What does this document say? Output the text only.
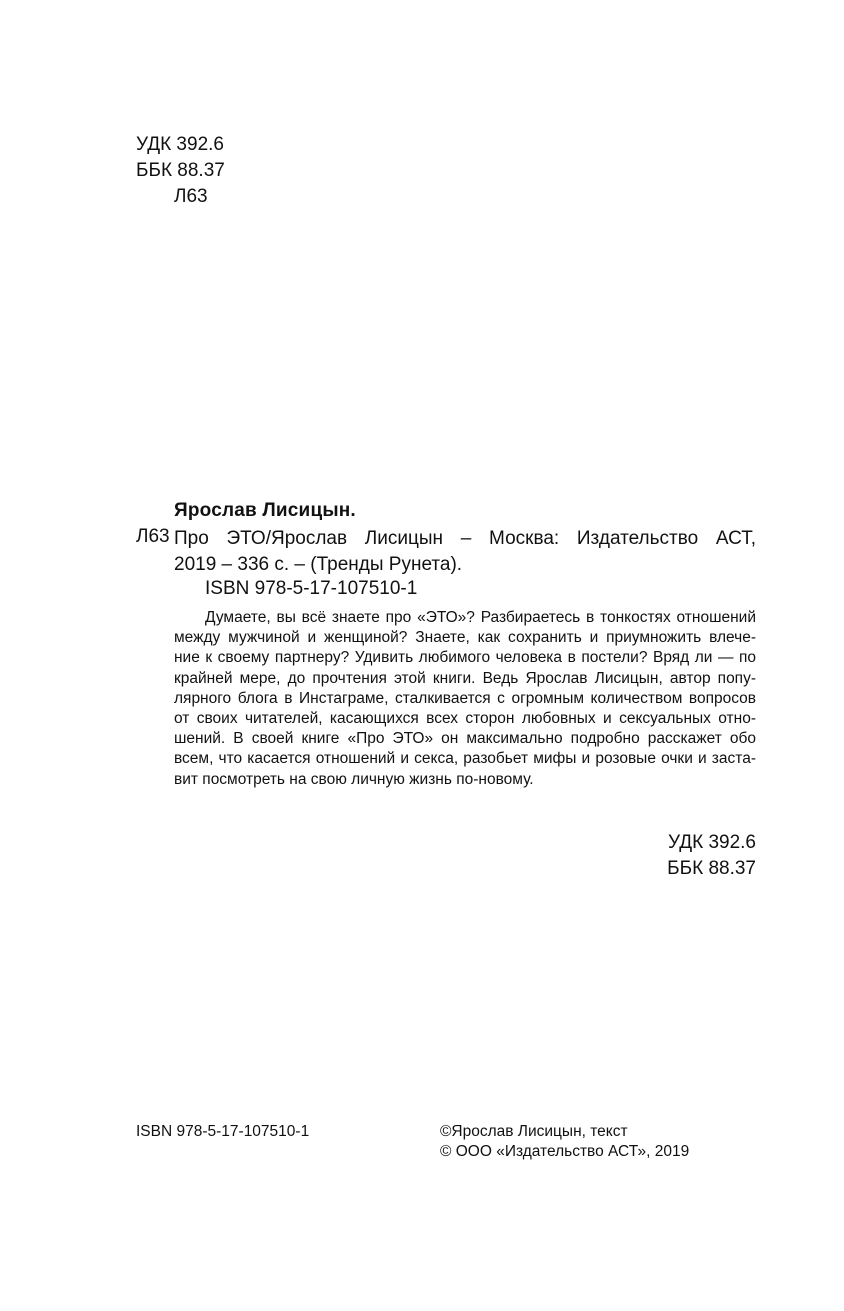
УДК 392.6
ББК 88.37
Л63
Ярослав Лисицын.
Л63 Про ЭТО/Ярослав Лисицын – Москва: Издательство АСТ,
2019 – 336 с. – (Тренды Рунета).
ISBN 978-5-17-107510-1
Думаете, вы всё знаете про «ЭТО»? Разбираетесь в тонкостях отношений
между мужчиной и женщиной? Знаете, как сохранить и приумножить влече-
ние к своему партнеру? Удивить любимого человека в постели? Вряд ли — по
крайней мере, до прочтения этой книги. Ведь Ярослав Лисицын, автор попу-
лярного блога в Инстаграме, сталкивается с огромным количеством вопросов
от своих читателей, касающихся всех сторон любовных и сексуальных отно-
шений. В своей книге «Про ЭТО» он максимально подробно расскажет обо
всем, что касается отношений и секса, разобьет мифы и розовые очки и заста-
вит посмотреть на свою личную жизнь по-новому.
УДК 392.6
ББК 88.37
ISBN 978-5-17-107510-1	©Ярослав Лисицын, текст
© ООО «Издательство АСТ», 2019
